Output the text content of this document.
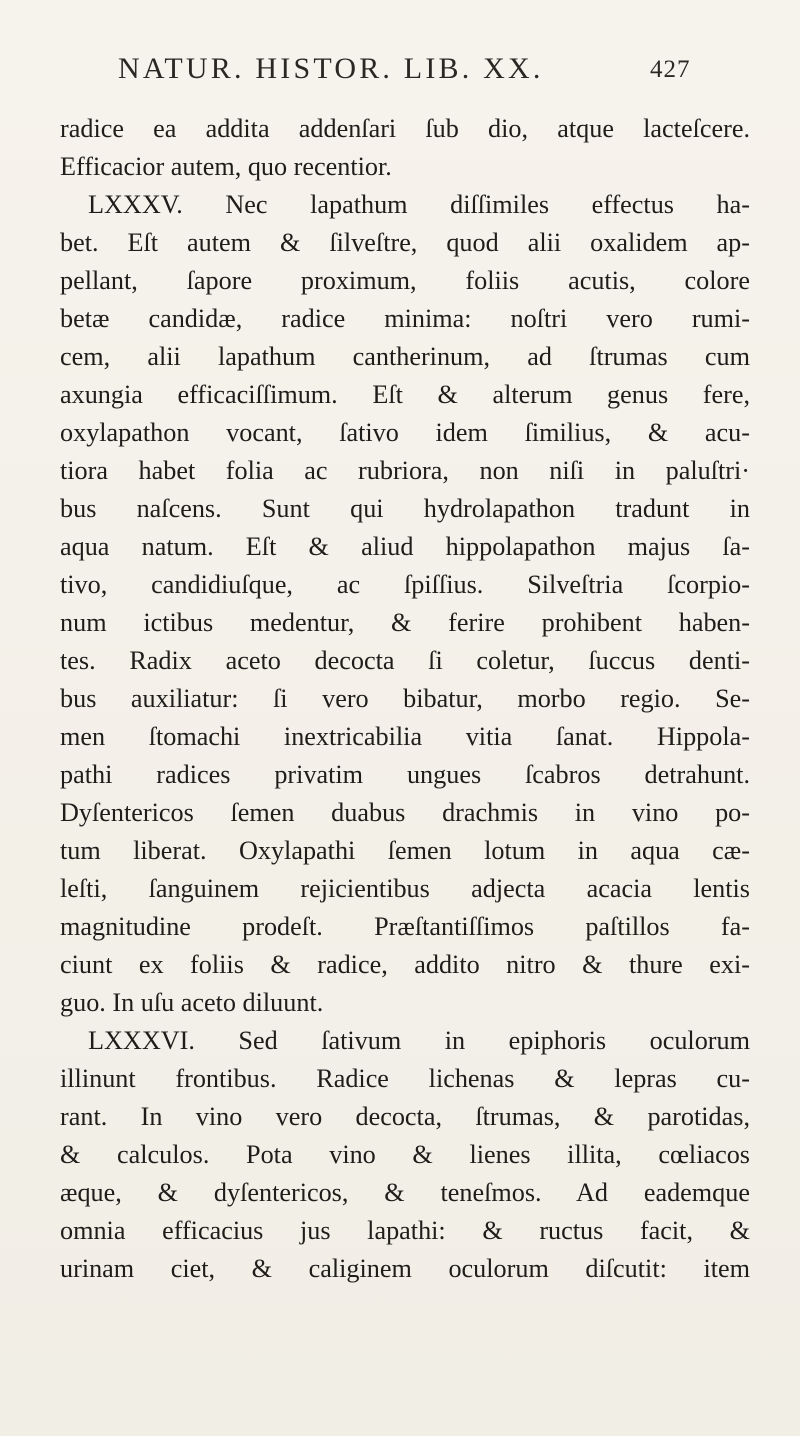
NATUR. HISTOR. LIB. XX.	427
radice ea addita addenſari ſub dio, atque lacteſcere.
Efficacior autem, quo recentior.
LXXXV. Nec lapathum diſſimiles effectus ha-
bet. Eſt autem & ſilveſtre, quod alii oxalidem ap-
pellant, ſapore proximum, foliis acutis, colore
betæ candidæ, radice minima: noſtri vero rumi-
cem, alii lapathum cantherinum, ad ſtrumas cum
axungia efficaciſſimum. Eſt & alterum genus fere,
oxylapathon vocant, ſativo idem ſimilius, & acu-
tiora habet folia ac rubriora, non niſi in paluſtri·
bus naſcens. Sunt qui hydrolapathon tradunt in
aqua natum. Eſt & aliud hippolapathon majus ſa-
tivo, candidiuſque, ac ſpiſſius. Silveſtria ſcorpio-
num ictibus medentur, & ferire prohibent haben-
tes. Radix aceto decocta ſi coletur, ſuccus denti-
bus auxiliatur: ſi vero bibatur, morbo regio. Se-
men ſtomachi inextricabilia vitia ſanat. Hippola-
pathi radices privatim ungues ſcabros detrahunt.
Dyſentericos ſemen duabus drachmis in vino po-
tum liberat. Oxylapathi ſemen lotum in aqua cæ-
leſti, ſanguinem rejicientibus adjecta acacia lentis
magnitudine prodeſt. Præſtantiſſimos paſtillos fa-
ciunt ex foliis & radice, addito nitro & thure exi-
guo. In uſu aceto diluunt.
LXXXVI. Sed ſativum in epiphoris oculorum
illinunt frontibus. Radice lichenas & lepras cu-
rant. In vino vero decocta, ſtrumas, & parotidas,
& calculos. Pota vino & lienes illita, cœliacos
æque, & dyſentericos, & teneſmos. Ad eademque
omnia efficacius jus lapathi: & ructus facit, &
urinam ciet, & caliginem oculorum diſcutit: item
